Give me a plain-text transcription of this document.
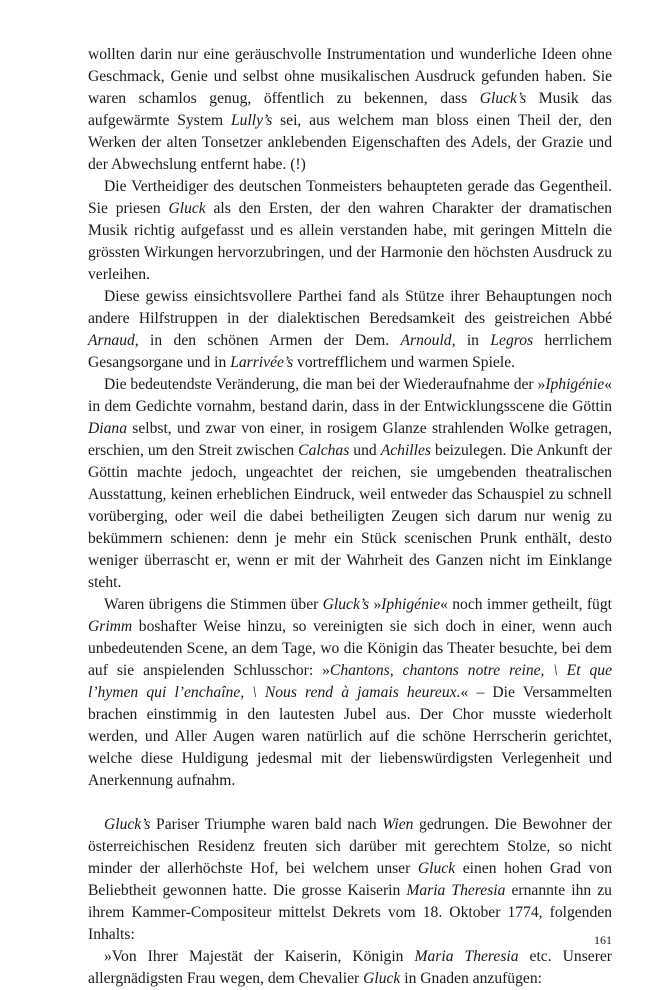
wollten darin nur eine geräuschvolle Instrumentation und wunderliche Ideen ohne Geschmack, Genie und selbst ohne musikalischen Ausdruck gefunden haben. Sie waren schamlos genug, öffentlich zu bekennen, dass Gluck’s Musik das aufgewärmte System Lully’s sei, aus welchem man bloss einen Theil der, den Werken der alten Tonsetzer anklebenden Eigenschaften des Adels, der Grazie und der Abwechslung entfernt habe. (!)

Die Vertheidiger des deutschen Tonmeisters behaupteten gerade das Gegentheil. Sie priesen Gluck als den Ersten, der den wahren Charakter der dramatischen Musik richtig aufgefasst und es allein verstanden habe, mit geringen Mitteln die grössten Wirkungen hervorzubringen, und der Harmonie den höchsten Ausdruck zu verleihen.

Diese gewiss einsichtsvollere Parthei fand als Stütze ihrer Behauptungen noch andere Hilfstruppen in der dialektischen Beredsamkeit des geistreichen Abbé Arnaud, in den schönen Armen der Dem. Arnould, in Legros herrlichem Gesangsorgane und in Larrivée’s vortrefflichem und warmen Spiele.

Die bedeutendste Veränderung, die man bei der Wiederaufnahme der »Iphigénie« in dem Gedichte vornahm, bestand darin, dass in der Entwicklungsscene die Göttin Diana selbst, und zwar von einer, in rosigem Glanze strahlenden Wolke getragen, erschien, um den Streit zwischen Calchas und Achilles beizulegen. Die Ankunft der Göttin machte jedoch, ungeachtet der reichen, sie umgebenden theatralischen Ausstattung, keinen erheblichen Eindruck, weil entweder das Schauspiel zu schnell vorüberging, oder weil die dabei betheiligten Zeugen sich darum nur wenig zu bekümmern schienen: denn je mehr ein Stück scenischen Prunk enthält, desto weniger überrascht er, wenn er mit der Wahrheit des Ganzen nicht im Einklange steht.

Waren übrigens die Stimmen über Gluck’s »Iphigénie« noch immer getheilt, fügt Grimm boshafter Weise hinzu, so vereinigten sie sich doch in einer, wenn auch unbedeutenden Scene, an dem Tage, wo die Königin das Theater besuchte, bei dem auf sie anspielenden Schlusschor: »Chantons, chantons notre reine, \ Et que l’hymen qui l’enchaîne, \ Nous rend à jamais heureux.« – Die Versammelten brachen einstimmig in den lautesten Jubel aus. Der Chor musste wiederholt werden, und Aller Augen waren natürlich auf die schöne Herrscherin gerichtet, welche diese Huldigung jedesmal mit der liebenswürdigsten Verlegenheit und Anerkennung aufnahm.

Gluck’s Pariser Triumphe waren bald nach Wien gedrungen. Die Bewohner der österreichischen Residenz freuten sich darüber mit gerechtem Stolze, so nicht minder der allerhöchste Hof, bei welchem unser Gluck einen hohen Grad von Beliebtheit gewonnen hatte. Die grosse Kaiserin Maria Theresia ernannte ihn zu ihrem Kammer-Compositeur mittelst Dekrets vom 18. Oktober 1774, folgenden Inhalts:

»Von Ihrer Majestät der Kaiserin, Königin Maria Theresia etc. Unserer allergnädigsten Frau wegen, dem Chevalier Gluck in Gnaden anzufügen:

161
